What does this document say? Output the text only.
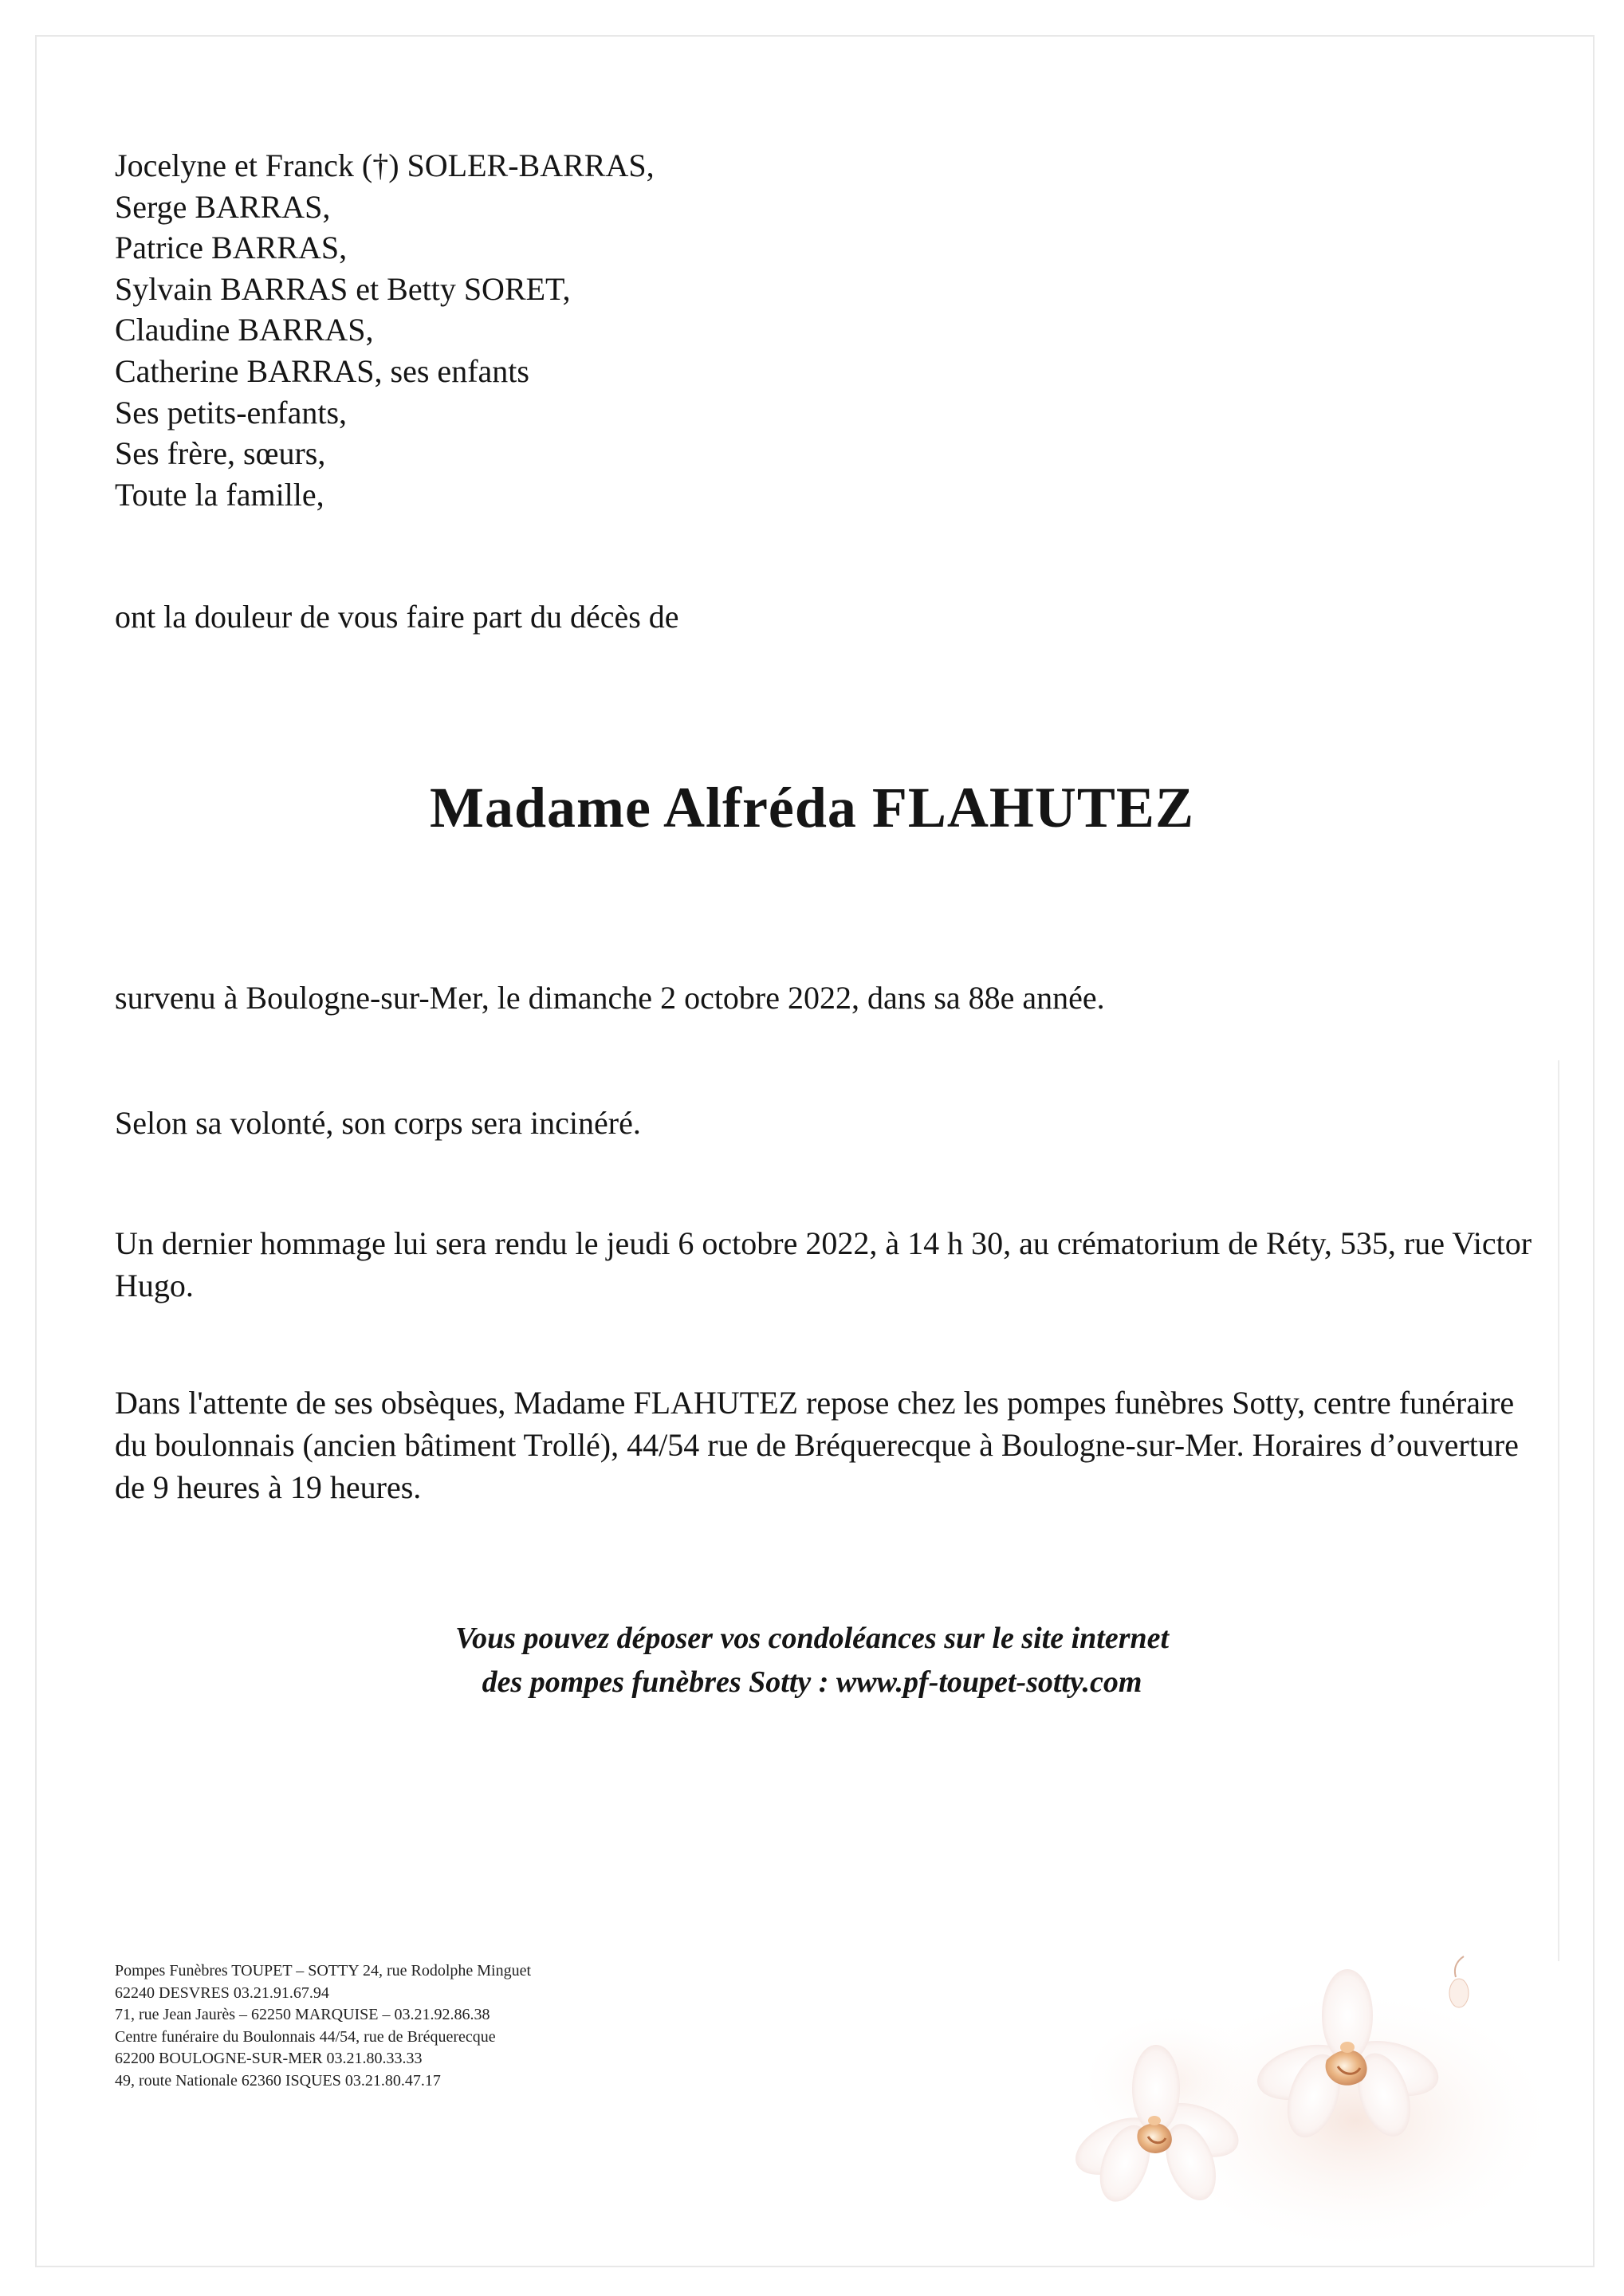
Jocelyne et Franck (†) SOLER-BARRAS,
Serge BARRAS,
Patrice BARRAS,
Sylvain BARRAS et Betty SORET,
Claudine BARRAS,
Catherine BARRAS, ses enfants
Ses petits-enfants,
Ses frère, sœurs,
Toute la famille,
ont la douleur de vous faire part du décès de
Madame Alfréda FLAHUTEZ
survenu à Boulogne-sur-Mer, le dimanche 2 octobre 2022, dans sa 88e année.
Selon sa volonté, son corps sera incinéré.
Un dernier hommage lui sera rendu le jeudi 6 octobre 2022, à 14 h 30, au crématorium de Réty, 535, rue Victor Hugo.
Dans l'attente de ses obsèques, Madame FLAHUTEZ repose chez les pompes funèbres Sotty, centre funéraire du boulonnais (ancien bâtiment Trollé), 44/54 rue de Bréquerecque à Boulogne-sur-Mer. Horaires d’ouverture de 9 heures à 19 heures.
Vous pouvez déposer vos condoléances sur le site internet
des pompes funèbres Sotty : www.pf-toupet-sotty.com
Pompes Funèbres TOUPET – SOTTY 24, rue Rodolphe Minguet
62240 DESVRES 03.21.91.67.94
71, rue Jean Jaurès – 62250 MARQUISE – 03.21.92.86.38
Centre funéraire du Boulonnais 44/54, rue de Bréquerecque
62200 BOULOGNE-SUR-MER 03.21.80.33.33
49, route Nationale 62360 ISQUES 03.21.80.47.17
